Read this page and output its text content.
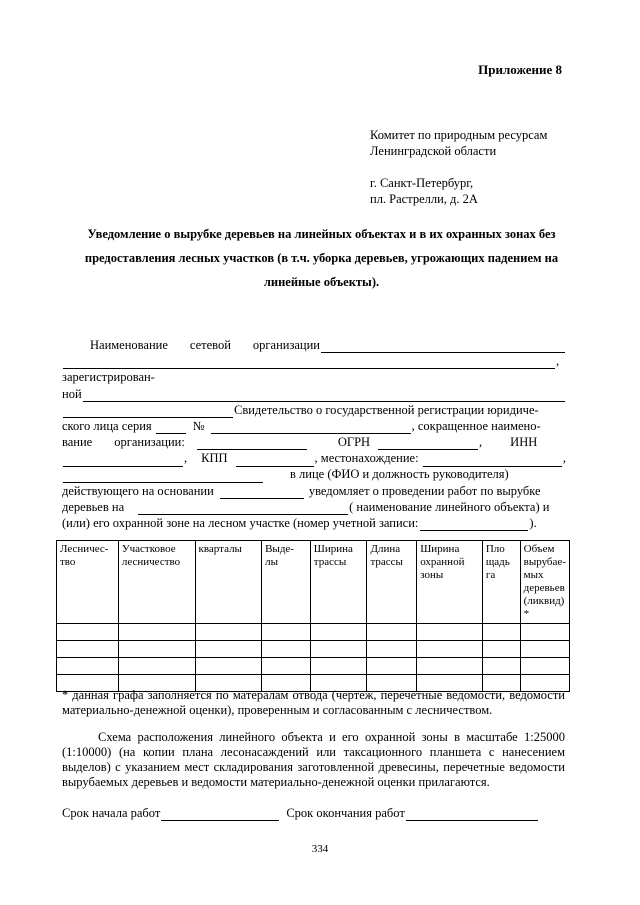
Приложение 8
Комитет по природным ресурсам
Ленинградской области
г. Санкт-Петербург,
пл. Растрелли, д. 2А
Уведомление о вырубке деревьев на линейных объектах и в их охранных зонах без
предоставления лесных участков (в т.ч. уборка деревьев, угрожающих падением на
линейные объекты).
Наименование сетевой организации
,
зарегистрирован-
ной
Свидетельство о государственной регистрации юридиче-
ского лица серия	№	, сокращенное наимено-
вание организации:	ОГРН	, ИНН
, КПП	, местонахождение:	,
в лице (ФИО и должность руководителя)
действующего на основании	уведомляет о проведении работ по вырубке
деревьев на	( наименование линейного объекта) и
(или) его охранной зоне на лесном участке (номер учетной записи:	).
Лесничес-тво	Участковое лесничество	кварталы	Выде-лы	Ширина трассы	Длина трассы	Ширина охранной зоны	Пло щадь га	Объем вырубае-мых деревьев (ликвид) *

* данная графа заполняется по матерaлам отвода (чертеж, перечетные ведомости, ведомости материально-денежной оценки), проверенным и согласованным с лесничеством.
Схема расположения линейного объекта и его охранной зоны в масштабе 1:25000 (1:10000) (на копии плана лесонасаждений или таксационного планшета с нанесением выделов) с указанием мест складирования заготовленной древесины, перечетные ведомости вырубаемых деревьев и ведомости материально-денежной оценки прилагаются.
Срок начала работ	Срок окончания работ
334
